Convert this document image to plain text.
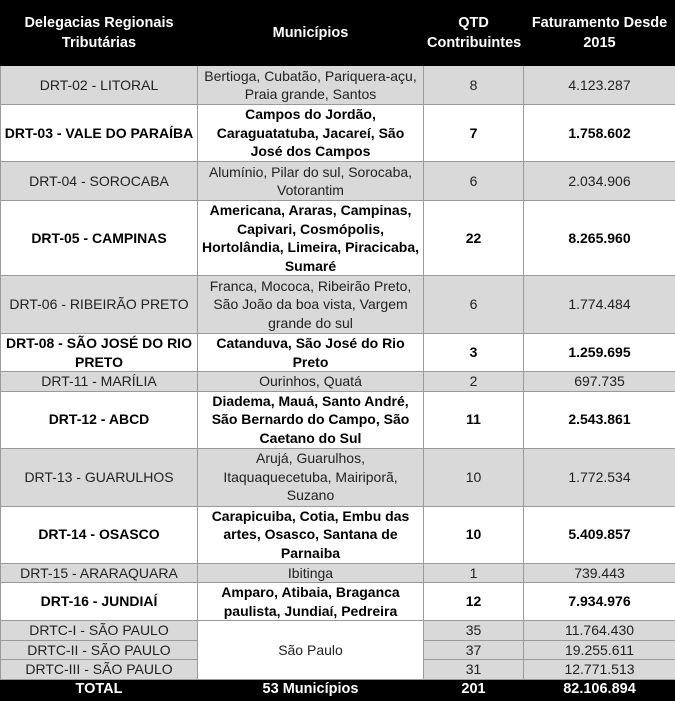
Delegacias Regionais Tributárias	Municípios	QTD Contribuintes	Faturamento Desde 2015
DRT-02 - LITORAL	Bertioga, Cubatão, Pariquera-açu, Praia grande, Santos	8	4.123.287
DRT-03 - VALE DO PARAÍBA	Campos do Jordão, Caraguatatuba, Jacareí, São José dos Campos	7	1.758.602
DRT-04 - SOROCABA	Alumínio, Pilar do sul, Sorocaba, Votorantim	6	2.034.906
DRT-05 - CAMPINAS	Americana, Araras, Campinas, Capivari, Cosmópolis, Hortolândia, Limeira, Piracicaba, Sumaré	22	8.265.960
DRT-06 - RIBEIRÃO PRETO	Franca, Mococa, Ribeirão Preto, São João da boa vista, Vargem grande do sul	6	1.774.484
DRT-08 - SÃO JOSÉ DO RIO PRETO	Catanduva, São José do Rio Preto	3	1.259.695
DRT-11 - MARÍLIA	Ourinhos, Quatá	2	697.735
DRT-12 - ABCD	Diadema, Mauá, Santo André, São Bernardo do Campo, São Caetano do Sul	11	2.543.861
DRT-13 - GUARULHOS	Arujá, Guarulhos, Itaquaquecetuba, Mairiporã, Suzano	10	1.772.534
DRT-14 - OSASCO	Carapicuiba, Cotia, Embu das artes, Osasco, Santana de Parnaiba	10	5.409.857
DRT-15 - ARARAQUARA	Ibitinga	1	739.443
DRT-16 - JUNDIAÍ	Amparo, Atibaia, Braganca paulista, Jundiaí, Pedreira	12	7.934.976
DRTC-I - SÃO PAULO	São Paulo	35	11.764.430
DRTC-II - SÃO PAULO		37	19.255.611
DRTC-III - SÃO PAULO		31	12.771.513
TOTAL	53 Municípios	201	82.106.894
